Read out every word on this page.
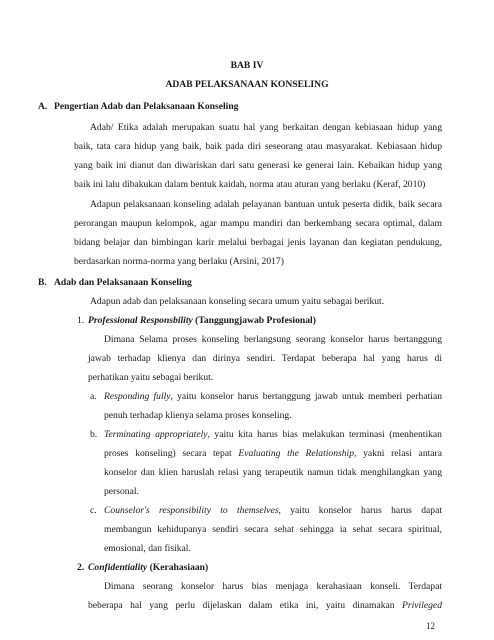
BAB IV
ADAB PELAKSANAAN KONSELING
A. Pengertian Adab dan Pelaksanaan Konseling
Adab/ Etika adalah merupakan suatu hal yang berkaitan dengan kebiasaan hidup yang
baik, tata cara hidup yang baik, baik pada diri seseorang atau masyarakat. Kebiasaan hidup
yang baik ini dianut dan diwariskan dari satu generasi ke generai lain. Kebaikan hidup yang
baik ini lalu dibakukan dalam bentuk kaidah, norma atau aturan yang berlaku (Keraf, 2010)
Adapun pelaksanaan konseling adalah pelayanan bantuan untuk peserta didik, baik secara
perorangan maupun kelompok, agar mampu mandiri dan berkembang secara optimal, dalam
bidang belajar dan bimbingan karir melalui berbagai jenis layanan dan kegiatan pendukung,
berdasarkan norma-norma yang berlaku (Arsini, 2017)
B. Adab dan Pelaksanaan Konseling
Adapun adab dan pelaksanaan konseling secara umum yaitu sebagai berikut.
1. Professional Responsbility (Tanggungjawab Profesional)
Dimana Selama proses konseling berlangsung seorang konselor harus bertanggung
jawab terhadap klienya dan dirinya sendiri. Terdapat beberapa hal yang harus di
perhatikan yaitu sebagai berikut.
a. Responding fully, yaitu konselor harus bertanggung jawab untuk memberi perhatian
penuh terhadap klienya selama proses konseling.
b. Terminating appropriately, yaitu kita harus bias melakukan terminasi (menhentikan
proses konseling) secara tepat Evaluating the Relationship, yakni relasi antara
konselor dan klien haruslah relasi yang terapeutik namun tidak menghilangkan yang
personal.
c. Counselor's responsibility to themselves, yaitu konselor harus harus dapat
membangun kehidupanya sendiri secara sehat sehingga ia sehat secara spiritual,
emosional, dan fisikal.
2. Confidentiality (Kerahasiaan)
Dimana seorang konselor harus bias menjaga kerahasiaan konseli. Terdapat
beberapa hal yang perlu dijelaskan dalam etika ini, yaitu dinamakan Privileged
12
